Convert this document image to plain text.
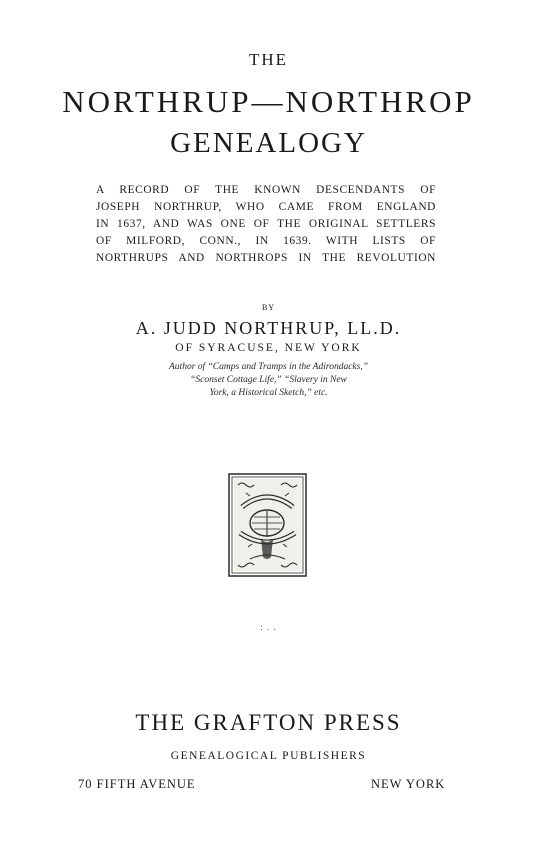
THE
NORTHRUP—NORTHROP
GENEALOGY
A RECORD OF THE KNOWN DESCENDANTS OF
JOSEPH NORTHRUP, WHO CAME FROM ENGLAND
IN 1637, AND WAS ONE OF THE ORIGINAL SETTLERS
OF MILFORD, CONN., IN 1639. WITH LISTS OF
NORTHRUPS AND NORTHROPS IN THE REVOLUTION
BY
A. JUDD NORTHRUP, LL.D.
OF SYRACUSE, NEW YORK
Author of “Camps and Tramps in the Adirondacks,”
“Sconset Cottage Life,” “Slavery in New
York, a Historical Sketch,” etc.
: . .
THE GRAFTON PRESS
GENEALOGICAL PUBLISHERS
70 FIFTH AVENUE	NEW YORK
